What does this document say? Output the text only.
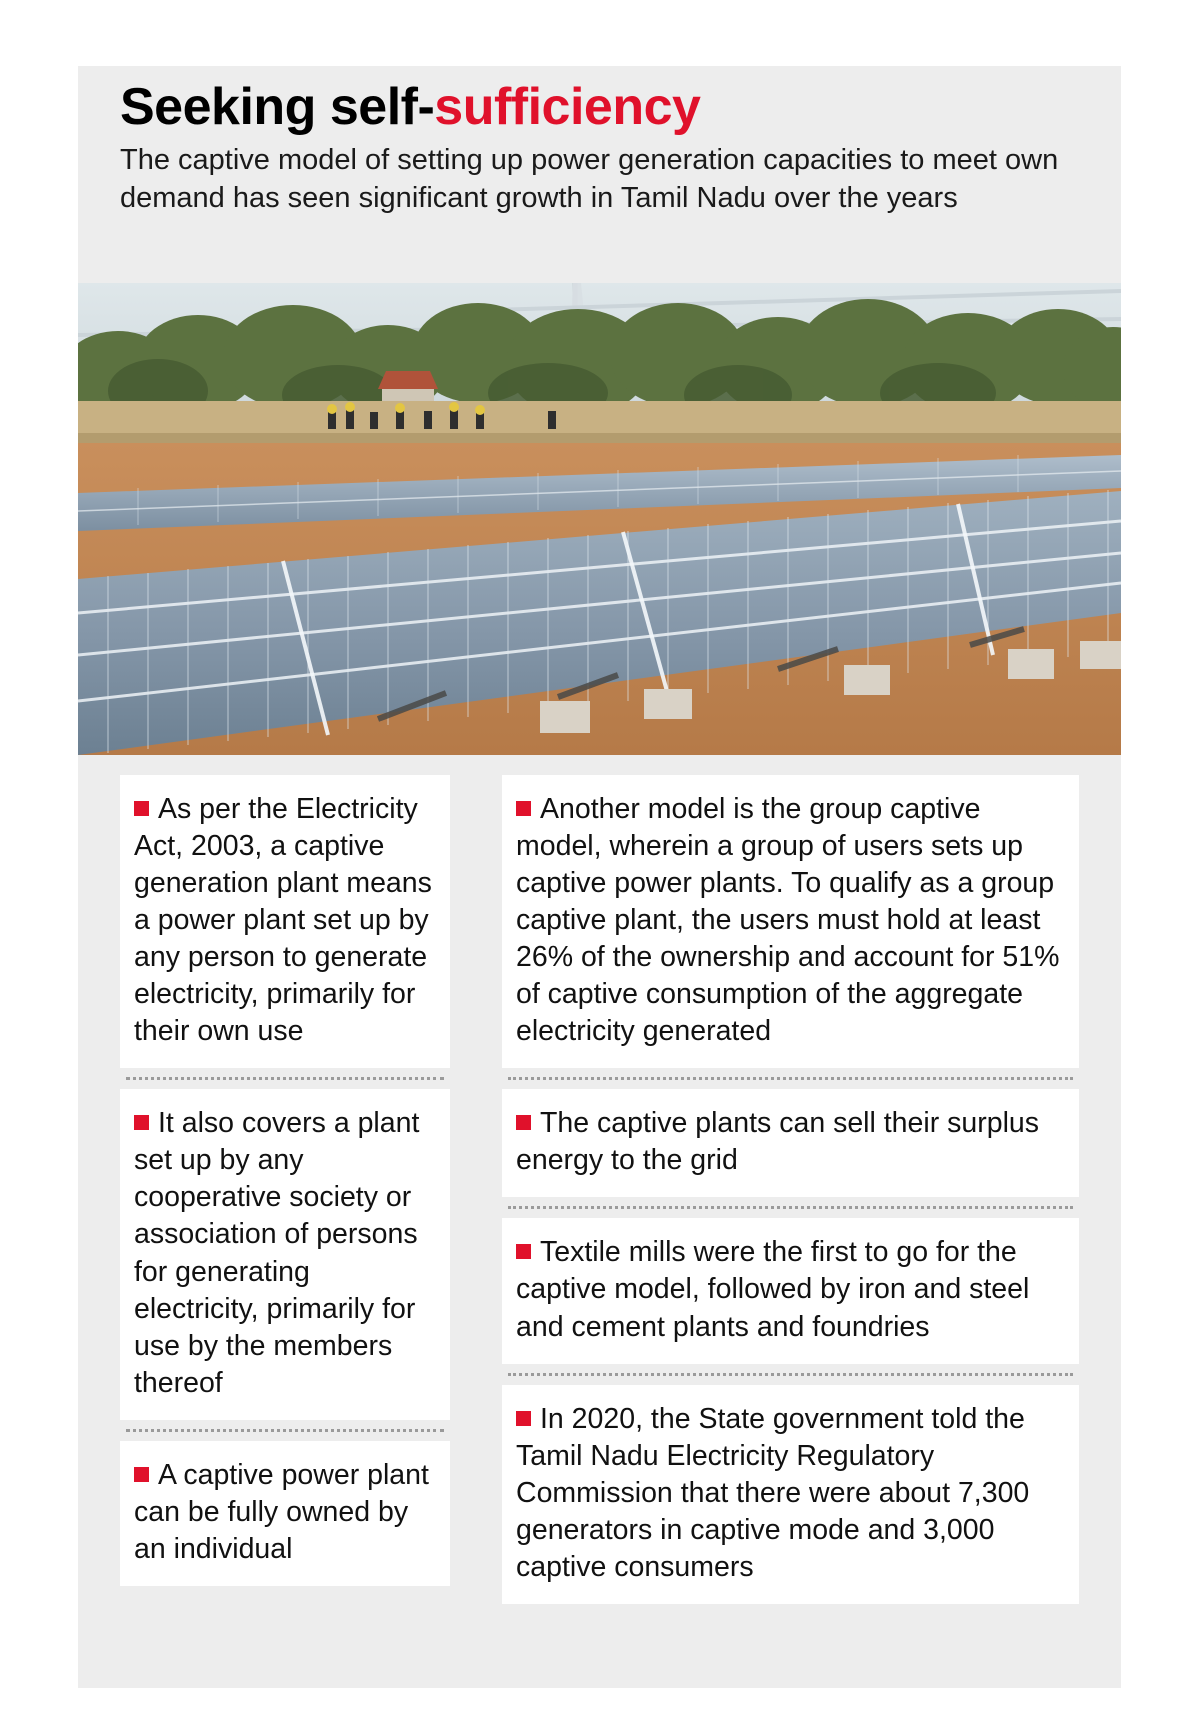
Seeking self-sufficiency

The captive model of setting up power generation capacities to meet own demand has seen significant growth in Tamil Nadu over the years

As per the Electricity Act, 2003, a captive generation plant means a power plant set up by any person to generate electricity, primarily for their own use

It also covers a plant set up by any cooperative society or association of persons for generating electricity, primarily for use by the members thereof

A captive power plant can be fully owned by an individual

Another model is the group captive model, wherein a group of users sets up captive power plants. To qualify as a group captive plant, the users must hold at least 26% of the ownership and account for 51% of captive consumption of the aggregate electricity generated

The captive plants can sell their surplus energy to the grid

Textile mills were the first to go for the captive model, followed by iron and steel and cement plants and foundries

In 2020, the State government told the Tamil Nadu Electricity Regulatory Commission that there were about 7,300 generators in captive mode and 3,000 captive consumers
